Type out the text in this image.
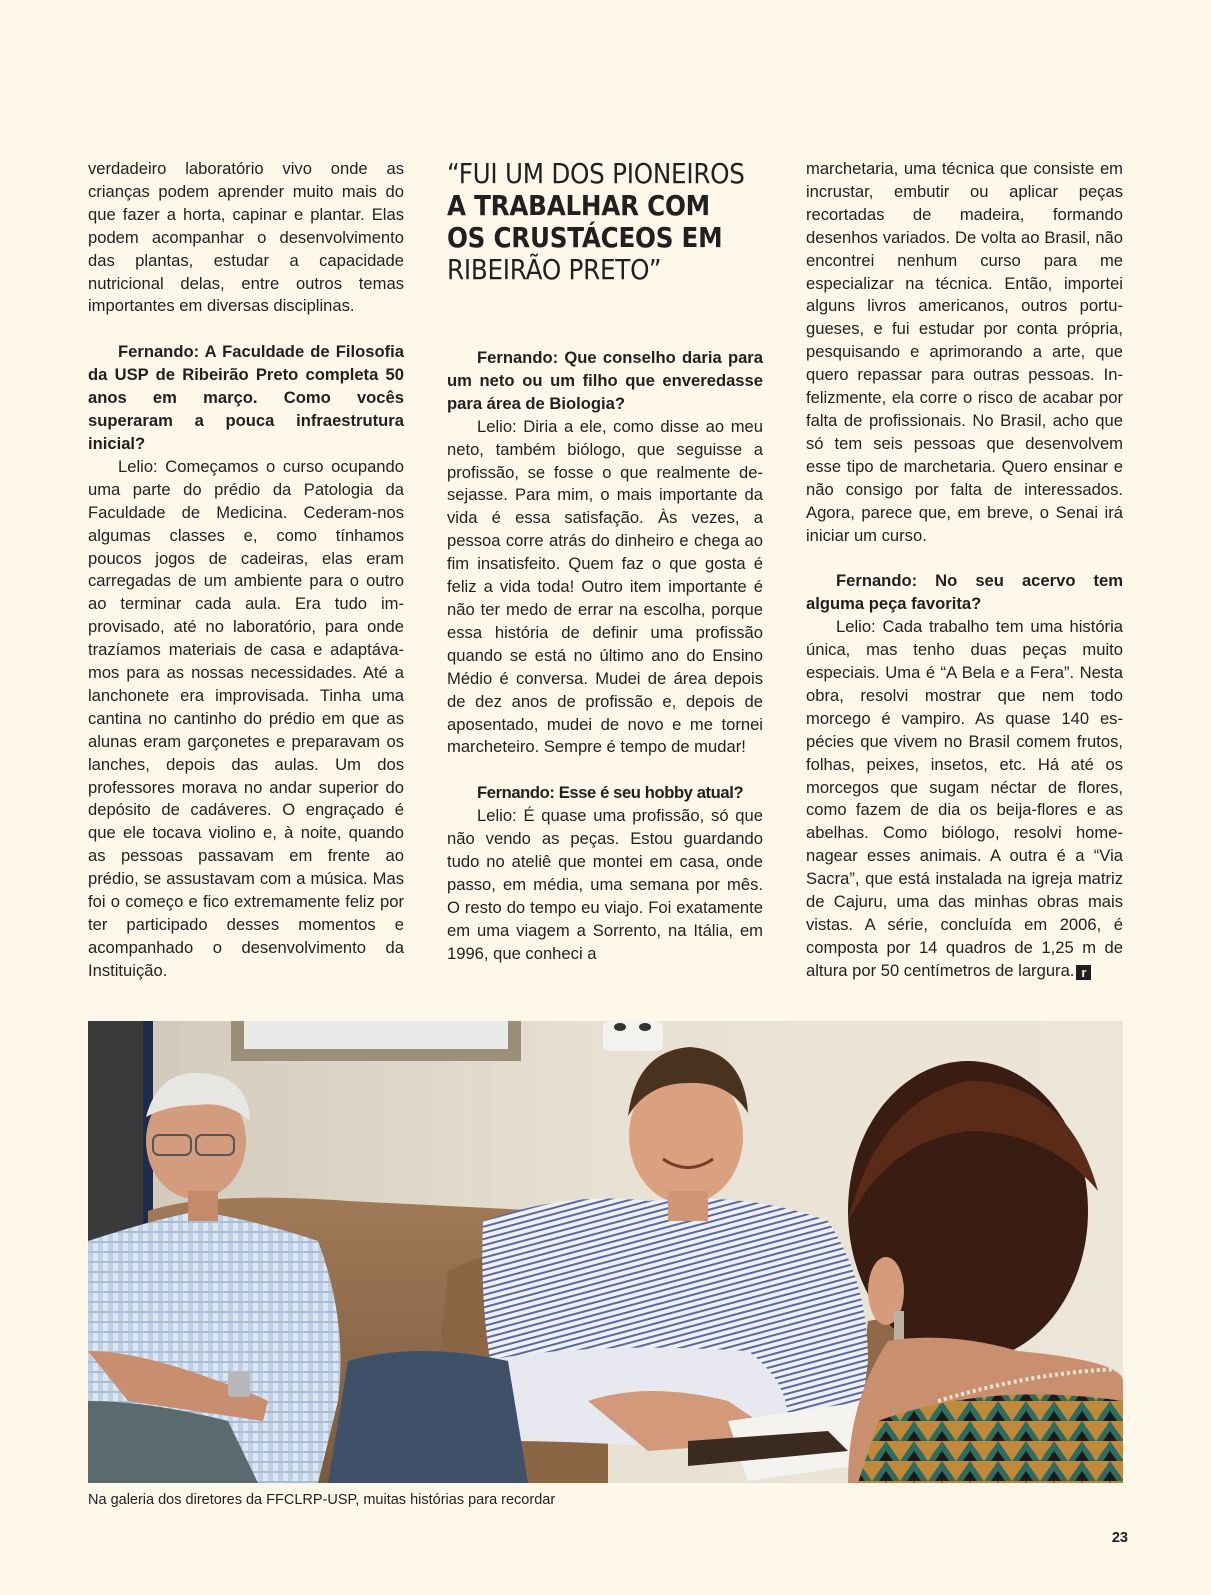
verdadeiro laboratório vivo onde as crianças podem aprender muito mais do que fazer a horta, capinar e plantar. Elas podem acompanhar o desenvolvimento das plantas, estudar a capacidade nutricional delas, entre outros temas importantes em diversas disciplinas.

Fernando: A Faculdade de Filosofia da USP de Ribeirão Preto completa 50 anos em março. Como vocês superaram a pouca infraestrutura inicial?

Lelio: Começamos o curso ocupando uma parte do prédio da Patologia da Faculdade de Medicina. Cederam-nos algumas classes e, como tínhamos poucos jogos de cadeiras, elas eram carregadas de um ambiente para o outro ao terminar cada aula. Era tudo improvisado, até no laboratório, para onde trazíamos materiais de casa e adaptávamos para as nossas necessidades. Até a lanchonete era improvisada. Tinha uma cantina no cantinho do prédio em que as alunas eram garçonetes e preparavam os lanches, depois das aulas. Um dos professores morava no andar superior do depósito de cadáveres. O engraçado é que ele tocava violino e, à noite, quando as pessoas passavam em frente ao prédio, se assustavam com a música. Mas foi o começo e fico extremamente feliz por ter participado desses momentos e acompanhado o desenvolvimento da Instituição.

“FUI UM DOS PIONEIROS
A TRABALHAR COM
OS CRUSTÁCEOS EM
RIBEIRÃO PRETO”

Fernando: Que conselho daria para um neto ou um filho que enveredasse para área de Biologia?

Lelio: Diria a ele, como disse ao meu neto, também biólogo, que seguisse a profissão, se fosse o que realmente desejasse. Para mim, o mais importante da vida é essa satisfação. Às vezes, a pessoa corre atrás do dinheiro e chega ao fim insatisfeito. Quem faz o que gosta é feliz a vida toda! Outro item importante é não ter medo de errar na escolha, porque essa história de definir uma profissão quando se está no último ano do Ensino Médio é conversa. Mudei de área depois de dez anos de profissão e, depois de aposentado, mudei de novo e me tornei marcheteiro. Sempre é tempo de mudar!

Fernando: Esse é seu hobby atual?

Lelio: É quase uma profissão, só que não vendo as peças. Estou guardando tudo no ateliê que montei em casa, onde passo, em média, uma semana por mês. O resto do tempo eu viajo. Foi exatamente em uma viagem a Sorrento, na Itália, em 1996, que conheci a

marchetaria, uma técnica que consiste em incrustar, embutir ou aplicar peças recortadas de madeira, formando desenhos variados. De volta ao Brasil, não encontrei nenhum curso para me especializar na técnica. Então, importei alguns livros americanos, outros portugueses, e fui estudar por conta própria, pesquisando e aprimorando a arte, que quero repassar para outras pessoas. Infelizmente, ela corre o risco de acabar por falta de profissionais. No Brasil, acho que só tem seis pessoas que desenvolvem esse tipo de marchetaria. Quero ensinar e não consigo por falta de interessados. Agora, parece que, em breve, o Senai irá iniciar um curso.

Fernando: No seu acervo tem alguma peça favorita?

Lelio: Cada trabalho tem uma história única, mas tenho duas peças muito especiais. Uma é “A Bela e a Fera”. Nesta obra, resolvi mostrar que nem todo morcego é vampiro. As quase 140 espécies que vivem no Brasil comem frutos, folhas, peixes, insetos, etc. Há até os morcegos que sugam néctar de flores, como fazem de dia os beija-flores e as abelhas. Como biólogo, resolvi homenagear esses animais. A outra é a “Via Sacra”, que está instalada na igreja matriz de Cajuru, uma das minhas obras mais vistas. A série, concluída em 2006, é composta por 14 quadros de 1,25 m de altura por 50 centímetros de largura. r

Na galeria dos diretores da FFCLRP-USP, muitas histórias para recordar
23
